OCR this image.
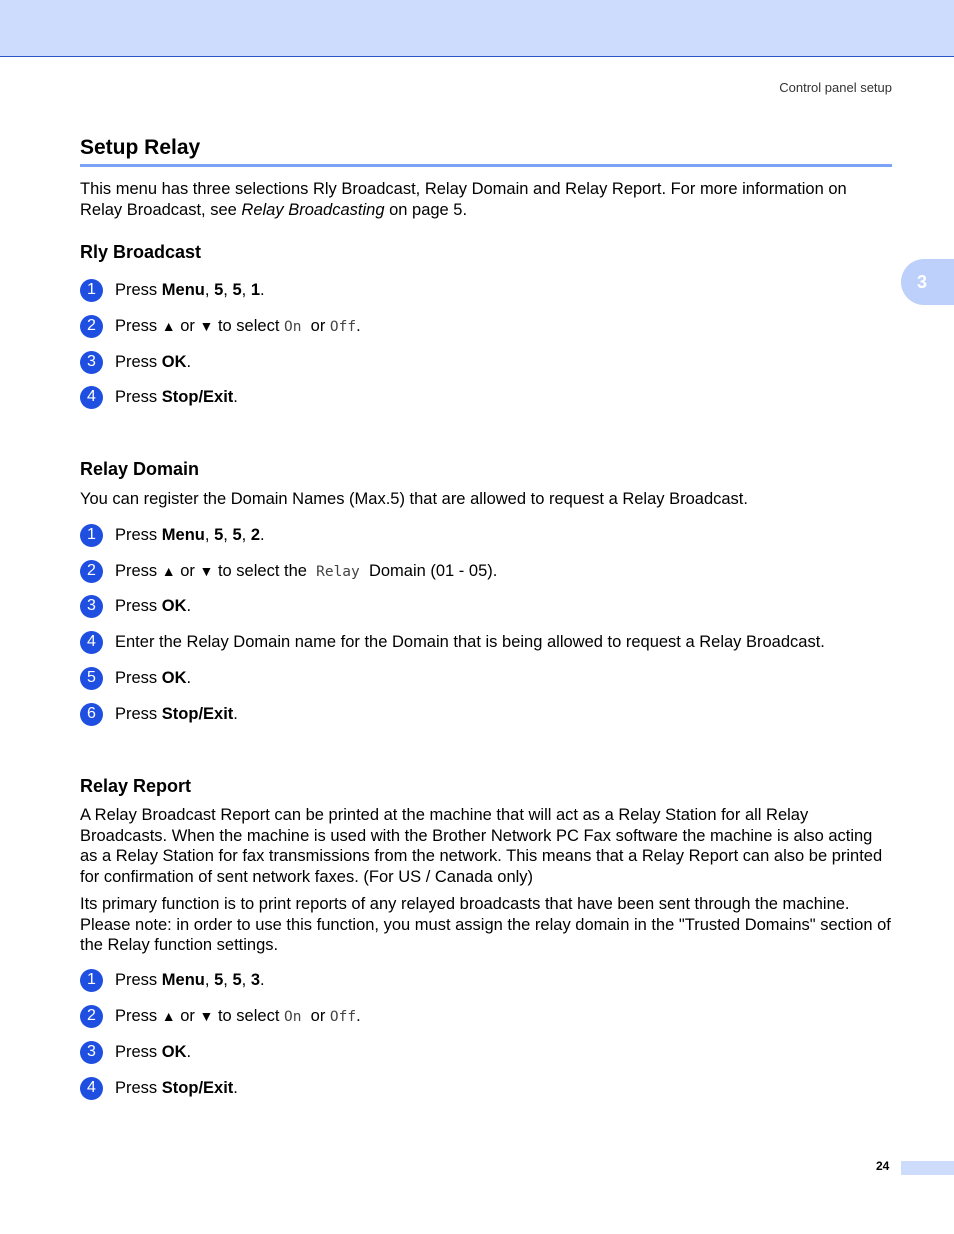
Control panel setup
3
Setup Relay

This menu has three selections Rly Broadcast, Relay Domain and Relay Report. For more information on Relay Broadcast, see Relay Broadcasting on page 5.

Rly Broadcast
1	Press Menu, 5, 5, 1.
2	Press ▲ or ▼ to select On or Off.
3	Press OK.
4	Press Stop/Exit.
Relay Domain

You can register the Domain Names (Max.5) that are allowed to request a Relay Broadcast.

1	Press Menu, 5, 5, 2.
2	Press ▲ or ▼ to select the Relay Domain (01 - 05).
3	Press OK.
4	Enter the Relay Domain name for the Domain that is being allowed to request a Relay Broadcast.
5	Press OK.
6	Press Stop/Exit.
Relay Report

A Relay Broadcast Report can be printed at the machine that will act as a Relay Station for all Relay Broadcasts. When the machine is used with the Brother Network PC Fax software the machine is also acting as a Relay Station for fax transmissions from the network. This means that a Relay Report can also be printed for confirmation of sent network faxes. (For US / Canada only)

Its primary function is to print reports of any relayed broadcasts that have been sent through the machine. Please note: in order to use this function, you must assign the relay domain in the "Trusted Domains" section of the Relay function settings.

1	Press Menu, 5, 5, 3.
2	Press ▲ or ▼ to select On or Off.
3	Press OK.
4	Press Stop/Exit.
24
